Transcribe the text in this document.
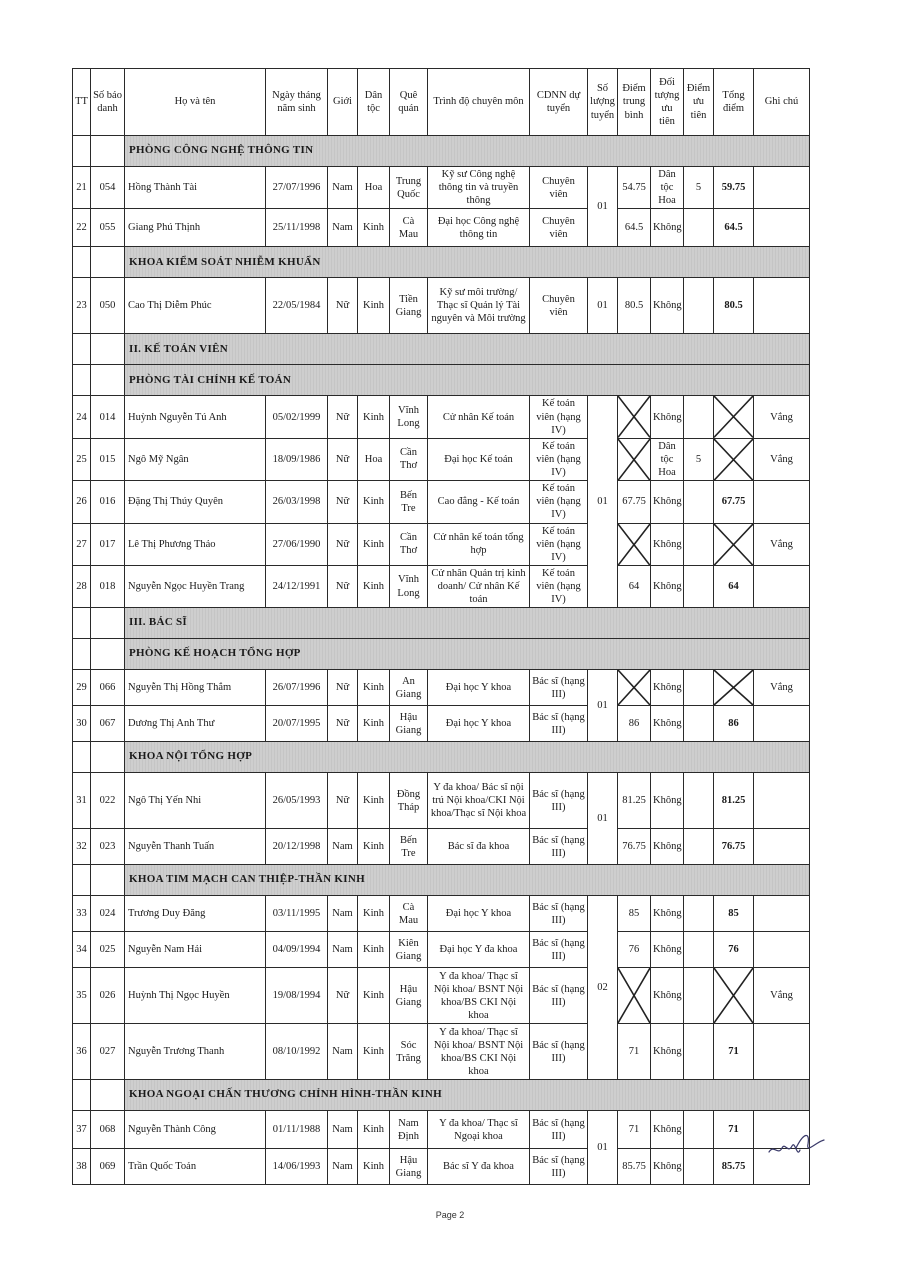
TT	Số báo danh	Họ và tên	Ngày tháng năm sinh	Giới	Dân tộc	Quê quán	Trình độ chuyên môn	CDNN dự tuyển	Số lượng tuyển	Điểm trung bình	Đối tượng ưu tiên	Điểm ưu tiên	Tổng điểm	Ghi chú
		PHÒNG CÔNG NGHỆ THÔNG TIN												
21	054	Hồng Thành Tài	27/07/1996	Nam	Hoa	Trung Quốc	Kỹ sư Công nghệ thông tin và truyền thông	Chuyên viên	01	54.75	Dân tộc Hoa	5	59.75	
22	055	Giang Phú Thịnh	25/11/1998	Nam	Kinh	Cà Mau	Đại học Công nghệ thông tin	Chuyên viên		64.5	Không		64.5	
		KHOA KIỂM SOÁT NHIỄM KHUẨN												
23	050	Cao Thị Diễm Phúc	22/05/1984	Nữ	Kinh	Tiền Giang	Kỹ sư môi trường/ Thạc sĩ Quản lý Tài nguyên và Môi trường	Chuyên viên	01	80.5	Không		80.5	
		II. KẾ TOÁN VIÊN												
		PHÒNG TÀI CHÍNH KẾ TOÁN												
24	014	Huỳnh Nguyễn Tú Anh	05/02/1999	Nữ	Kinh	Vĩnh Long	Cử nhân Kế toán	Kế toán viên (hạng IV)	01		Không			Vắng
25	015	Ngô Mỹ Ngân	18/09/1986	Nữ	Hoa	Cần Thơ	Đại học Kế toán	Kế toán viên (hạng IV)			Dân tộc Hoa	5		Vắng
26	016	Đặng Thị Thúy Quyên	26/03/1998	Nữ	Kinh	Bến Tre	Cao đẳng - Kế toán	Kế toán viên (hạng IV)		67.75	Không		67.75	
27	017	Lê Thị Phương Thảo	27/06/1990	Nữ	Kinh	Cần Thơ	Cử nhân kế toán tổng hợp	Kế toán viên (hạng IV)			Không			Vắng
28	018	Nguyễn Ngọc Huyền Trang	24/12/1991	Nữ	Kinh	Vĩnh Long	Cử nhân Quản trị kinh doanh/ Cử nhân Kế toán	Kế toán viên (hạng IV)		64	Không		64	
		III. BÁC SĨ												
		PHÒNG KẾ HOẠCH TỔNG HỢP												
29	066	Nguyễn Thị Hồng Thắm	26/07/1996	Nữ	Kinh	An Giang	Đại học Y khoa	Bác sĩ (hạng III)	01		Không			Vắng
30	067	Dương Thị Anh Thư	20/07/1995	Nữ	Kinh	Hậu Giang	Đại học Y khoa	Bác sĩ (hạng III)		86	Không		86	
		KHOA NỘI TỔNG HỢP												
31	022	Ngô Thị Yến Nhi	26/05/1993	Nữ	Kinh	Đồng Tháp	Y đa khoa/ Bác sĩ nội trú Nội khoa/CKI Nội khoa/Thạc sĩ Nội khoa	Bác sĩ (hạng III)	01	81.25	Không		81.25	
32	023	Nguyễn Thanh Tuấn	20/12/1998	Nam	Kinh	Bến Tre	Bác sĩ đa khoa	Bác sĩ (hạng III)		76.75	Không		76.75	
		KHOA TIM MẠCH CAN THIỆP-THẦN KINH												
33	024	Trương Duy Đăng	03/11/1995	Nam	Kinh	Cà Mau	Đại học Y khoa	Bác sĩ (hạng III)	02	85	Không		85	
34	025	Nguyễn Nam Hải	04/09/1994	Nam	Kinh	Kiên Giang	Đại học Y đa khoa	Bác sĩ (hạng III)		76	Không		76	
35	026	Huỳnh Thị Ngọc Huyền	19/08/1994	Nữ	Kinh	Hậu Giang	Y đa khoa/ Thạc sĩ Nội khoa/ BSNT Nội khoa/BS CKI Nội khoa	Bác sĩ (hạng III)			Không			Vắng
36	027	Nguyễn Trương Thanh	08/10/1992	Nam	Kinh	Sóc Trăng	Y đa khoa/ Thạc sĩ Nội khoa/ BSNT Nội khoa/BS CKI Nội khoa	Bác sĩ (hạng III)		71	Không		71	
		KHOA NGOẠI CHẤN THƯƠNG CHỈNH HÌNH-THẦN KINH												
37	068	Nguyễn Thành Công	01/11/1988	Nam	Kinh	Nam Định	Y đa khoa/ Thạc sĩ Ngoại khoa	Bác sĩ (hạng III)	01	71	Không		71	
38	069	Trần Quốc Toản	14/06/1993	Nam	Kinh	Hậu Giang	Bác sĩ Y đa khoa	Bác sĩ (hạng III)		85.75	Không		85.75	
Page 2
